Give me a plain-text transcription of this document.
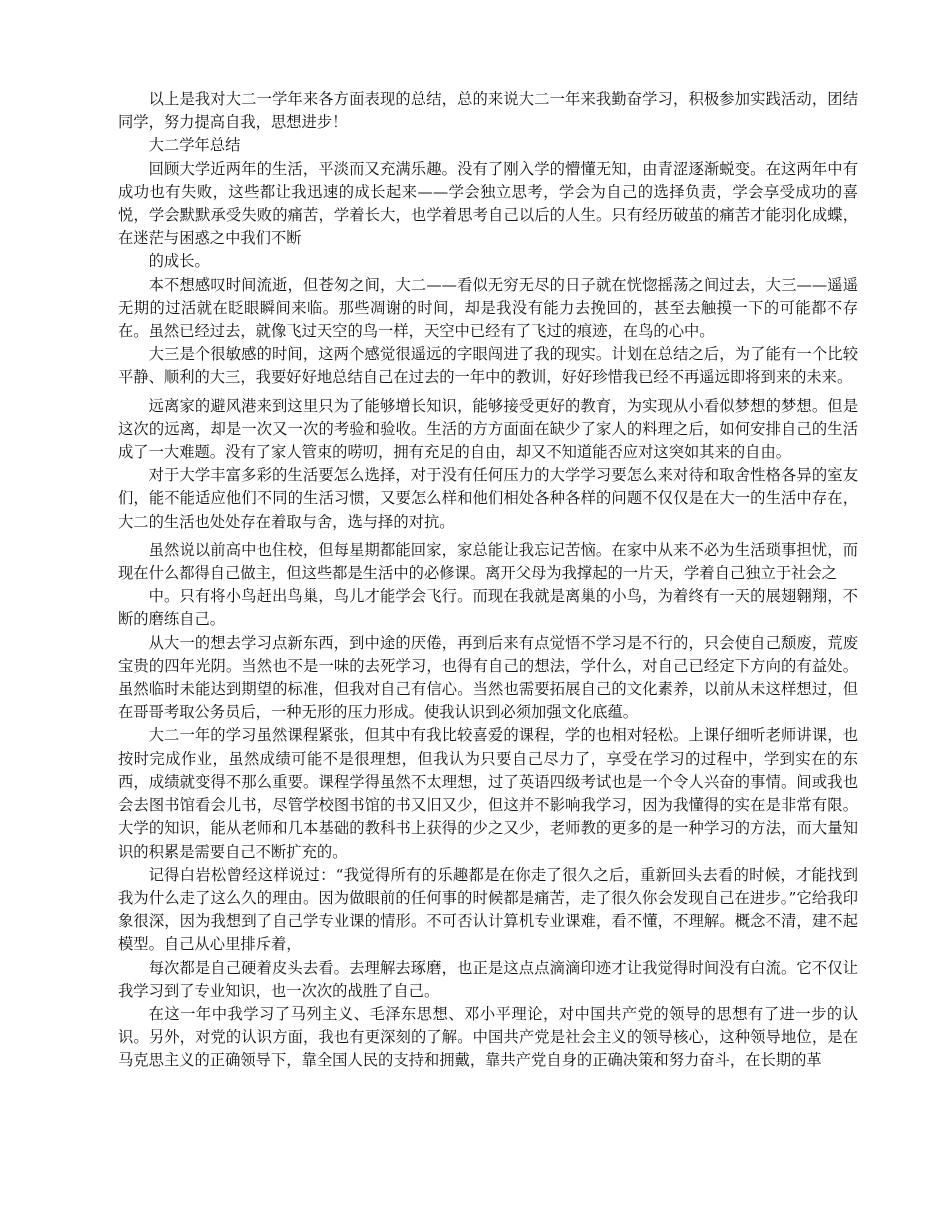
以上是我对大二一学年来各方面表现的总结，总的来说大二一年来我勤奋学习，积极参加实践活动，团结同学，努力提高自我，思想进步！

大二学年总结

回顾大学近两年的生活，平淡而又充满乐趣。没有了刚入学的懵懂无知，由青涩逐渐蜕变。在这两年中有成功也有失败，这些都让我迅速的成长起来——学会独立思考，学会为自己的选择负责，学会享受成功的喜悦，学会默默承受失败的痛苦，学着长大，也学着思考自己以后的人生。只有经历破茧的痛苦才能羽化成蝶，在迷茫与困惑之中我们不断

的成长。

本不想感叹时间流逝，但苍匆之间，大二——看似无穷无尽的日子就在恍惚摇荡之间过去，大三——遥遥无期的过活就在眨眼瞬间来临。那些凋谢的时间，却是我没有能力去挽回的，甚至去触摸一下的可能都不存在。虽然已经过去，就像飞过天空的鸟一样，天空中已经有了飞过的痕迹，在鸟的心中。

大三是个很敏感的时间，这两个感觉很遥远的字眼闯进了我的现实。计划在总结之后，为了能有一个比较平静、顺利的大三，我要好好地总结自己在过去的一年中的教训，好好珍惜我已经不再遥远即将到来的未来。

远离家的避风港来到这里只为了能够增长知识，能够接受更好的教育，为实现从小看似梦想的梦想。但是这次的远离，却是一次又一次的考验和验收。生活的方方面面在缺少了家人的料理之后，如何安排自己的生活成了一大难题。没有了家人管束的唠叨，拥有充足的自由，却又不知道能否应对这突如其来的自由。

对于大学丰富多彩的生活要怎么选择，对于没有任何压力的大学学习要怎么来对待和取舍性格各异的室友们，能不能适应他们不同的生活习惯，又要怎么样和他们相处各种各样的问题不仅仅是在大一的生活中存在，大二的生活也处处存在着取与舍，选与择的对抗。

虽然说以前高中也住校，但每星期都能回家，家总能让我忘记苦恼。在家中从来不必为生活琐事担忧，而现在什么都得自己做主，但这些都是生活中的必修课。离开父母为我撑起的一片天，学着自己独立于社会之

中。只有将小鸟赶出鸟巢，鸟儿才能学会飞行。而现在我就是离巢的小鸟，为着终有一天的展翅翱翔，不断的磨练自己。

从大一的想去学习点新东西，到中途的厌倦，再到后来有点觉悟不学习是不行的，只会使自己颓废，荒废宝贵的四年光阴。当然也不是一味的去死学习，也得有自己的想法，学什么，对自己已经定下方向的有益处。虽然临时未能达到期望的标准，但我对自己有信心。当然也需要拓展自己的文化素养，以前从未这样想过，但在哥哥考取公务员后，一种无形的压力形成。使我认识到必须加强文化底蕴。

大二一年的学习虽然课程紧张，但其中有我比较喜爱的课程，学的也相对轻松。上课仔细听老师讲课，也按时完成作业，虽然成绩可能不是很理想，但我认为只要自己尽力了，享受在学习的过程中，学到实在的东西，成绩就变得不那么重要。课程学得虽然不太理想，过了英语四级考试也是一个令人兴奋的事情。间或我也会去图书馆看会儿书，尽管学校图书馆的书又旧又少，但这并不影响我学习，因为我懂得的实在是非常有限。大学的知识，能从老师和几本基础的教科书上获得的少之又少，老师教的更多的是一种学习的方法，而大量知识的积累是需要自己不断扩充的。

记得白岩松曾经这样说过：“我觉得所有的乐趣都是在你走了很久之后，重新回头去看的时候，才能找到我为什么走了这么久的理由。因为做眼前的任何事的时候都是痛苦，走了很久你会发现自己在进步。”它给我印象很深，因为我想到了自己学专业课的情形。不可否认计算机专业课难，看不懂，不理解。概念不清，建不起模型。自己从心里排斥着，

每次都是自己硬着皮头去看。去理解去琢磨，也正是这点点滴滴印迹才让我觉得时间没有白流。它不仅让我学习到了专业知识，也一次次的战胜了自己。

在这一年中我学习了马列主义、毛泽东思想、邓小平理论，对中国共产党的领导的思想有了进一步的认识。另外，对党的认识方面，我也有更深刻的了解。中国共产党是社会主义的领导核心，这种领导地位，是在马克思主义的正确领导下，靠全国人民的支持和拥戴，靠共产党自身的正确决策和努力奋斗，在长期的革
